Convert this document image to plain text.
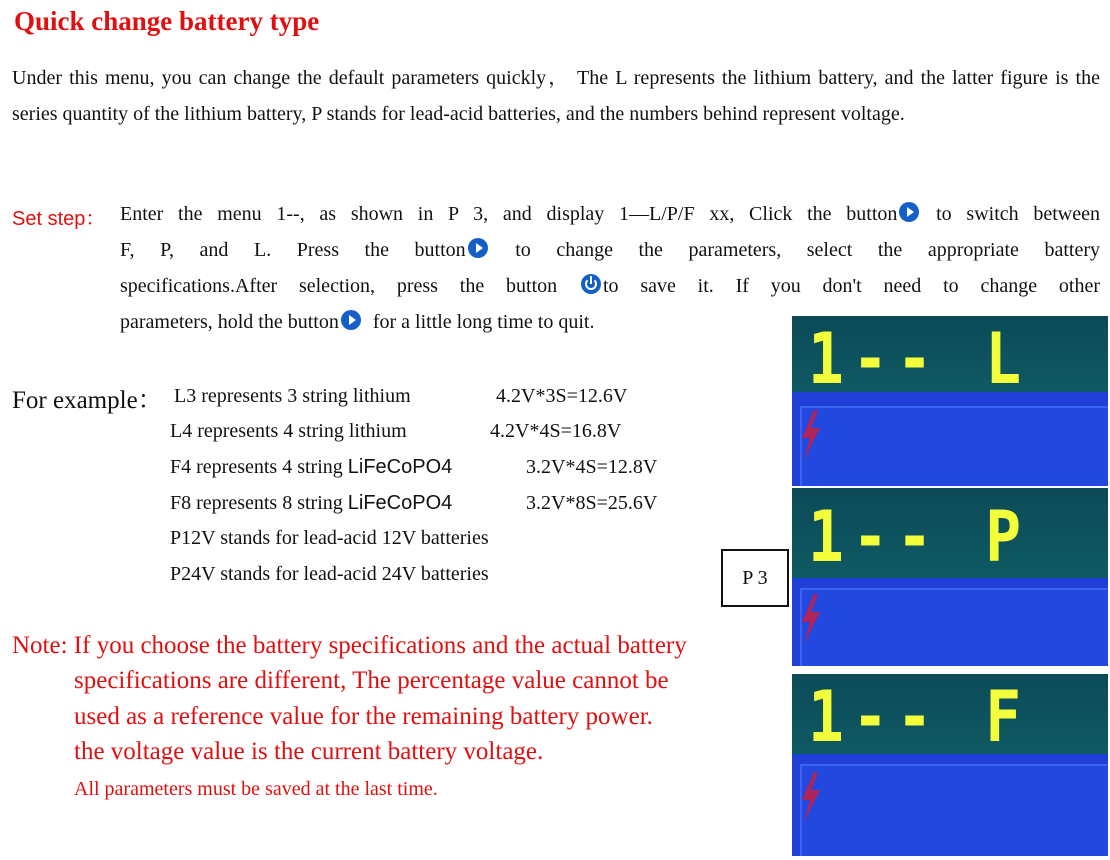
Quick change battery type
Under this menu, you can change the default parameters quickly， The L represents the lithium battery, and the latter figure is the series quantity of the lithium battery, P stands for lead-acid batteries, and the numbers behind represent voltage.
Set step： Enter the menu 1--, as shown in P 3, and display 1—L/P/F xx, Click the button to switch between
F, P, and L. Press the button to change the parameters, select the appropriate battery
specifications.After selection, press the button to save it. If you don't need to change other
parameters, hold the button for a little long time to quit.
For example： L3 represents 3 string lithium	4.2V*3S=12.6V
L4 represents 4 string lithium	4.2V*4S=16.8V
F4 represents 4 string LiFeCoPO4	3.2V*4S=12.8V
F8 represents 8 string LiFeCoPO4	3.2V*8S=25.6V
P12V stands for lead-acid 12V batteries
P24V stands for lead-acid 24V batteries	P 3
Note: If you choose the battery specifications and the actual battery
specifications are different, The percentage value cannot be
used as a reference value for the remaining battery power.
the voltage value is the current battery voltage.
All parameters must be saved at the last time.
1-- L
1-- P
1-- F
